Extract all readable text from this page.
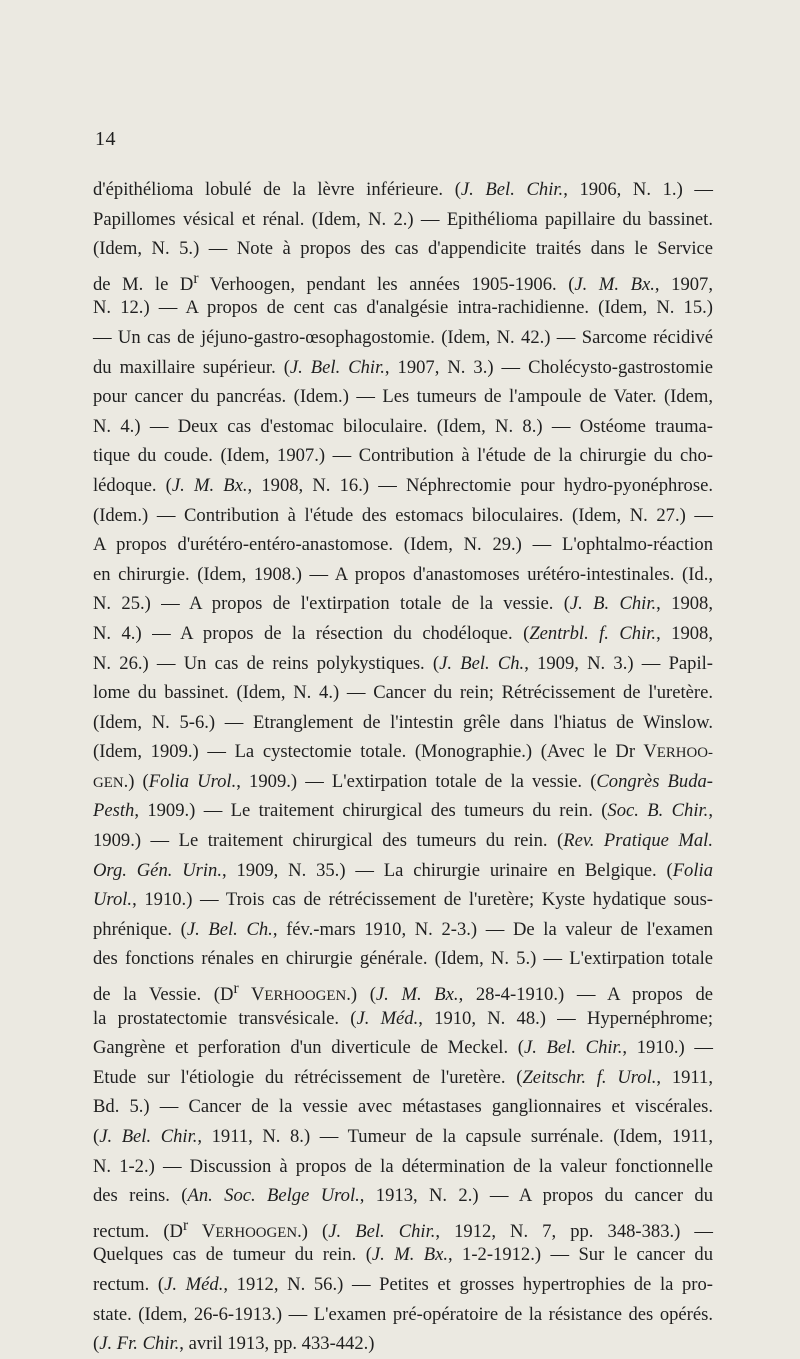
14
d'épithélioma lobulé de la lèvre inférieure. (J. Bel. Chir., 1906, N. 1.) —
Papillomes vésical et rénal. (Idem, N. 2.) — Epithélioma papillaire du bassinet.
(Idem, N. 5.) — Note à propos des cas d'appendicite traités dans le Service
de M. le $D^r$ Verhoogen, pendant les années 1905-1906. (J. M. Bx., 1907,
N. 12.) — A propos de cent cas d'analgésie intra-rachidienne. (Idem, N. 15.)
— Un cas de jéjuno-gastro-œsophagostomie. (Idem, N. 42.) — Sarcome récidivé
du maxillaire supérieur. (J. Bel. Chir., 1907, N. 3.) — Cholécysto-gastrostomie
pour cancer du pancréas. (Idem.) — Les tumeurs de l'ampoule de Vater. (Idem,
N. 4.) — Deux cas d'estomac biloculaire. (Idem, N. 8.) — Ostéome trauma-
tique du coude. (Idem, 1907.) — Contribution à l'étude de la chirurgie du cho-
lédoque. (J. M. Bx., 1908, N. 16.) — Néphrectomie pour hydro-pyonéphrose.
(Idem.) — Contribution à l'étude des estomacs biloculaires. (Idem, N. 27.) —
A propos d'urétéro-entéro-anastomose. (Idem, N. 29.) — L'ophtalmo-réaction
en chirurgie. (Idem, 1908.) — A propos d'anastomoses urétéro-intestinales. (Id.,
N. 25.) — A propos de l'extirpation totale de la vessie. (J. B. Chir., 1908,
N. 4.) — A propos de la résection du chodéloque. (Zentrbl. f. Chir., 1908,
N. 26.) — Un cas de reins polykystiques. (J. Bel. Ch., 1909, N. 3.) — Papil-
lome du bassinet. (Idem, N. 4.) — Cancer du rein; Rétrécissement de l'uretère.
(Idem, N. 5-6.) — Etranglement de l'intestin grêle dans l'hiatus de Winslow.
(Idem, 1909.) — La cystectomie totale. (Monographie.) (Avec le Dr VERHOO-
GEN.) (Folia Urol., 1909.) — L'extirpation totale de la vessie. (Congrès Buda-
Pesth, 1909.) — Le traitement chirurgical des tumeurs du rein. (Soc. B. Chir.,
1909.) — Le traitement chirurgical des tumeurs du rein. (Rev. Pratique Mal.
Org. Gén. Urin., 1909, N. 35.) — La chirurgie urinaire en Belgique. (Folia
Urol., 1910.) — Trois cas de rétrécissement de l'uretère; Kyste hydatique sous-
phrénique. (J. Bel. Ch., fév.-mars 1910, N. 2-3.) — De la valeur de l'examen
des fonctions rénales en chirurgie générale. (Idem, N. 5.) — L'extirpation totale
de la Vessie. ($D^r$ VERHOOGEN.) (J. M. Bx., 28-4-1910.) — A propos de
la prostatectomie transvésicale. (J. Méd., 1910, N. 48.) — Hypernéphrome;
Gangrène et perforation d'un diverticule de Meckel. (J. Bel. Chir., 1910.) —
Etude sur l'étiologie du rétrécissement de l'uretère. (Zeitschr. f. Urol., 1911,
Bd. 5.) — Cancer de la vessie avec métastases ganglionnaires et viscérales.
(J. Bel. Chir., 1911, N. 8.) — Tumeur de la capsule surrénale. (Idem, 1911,
N. 1-2.) — Discussion à propos de la détermination de la valeur fonctionnelle
des reins. (An. Soc. Belge Urol., 1913, N. 2.) — A propos du cancer du
rectum. ($D^r$ VERHOOGEN.) (J. Bel. Chir., 1912, N. 7, pp. 348-383.) —
Quelques cas de tumeur du rein. (J. M. Bx., 1-2-1912.) — Sur le cancer du
rectum. (J. Méd., 1912, N. 56.) — Petites et grosses hypertrophies de la pro-
state. (Idem, 26-6-1913.) — L'examen pré-opératoire de la résistance des opérés.
(J. Fr. Chir., avril 1913, pp. 433-442.)
